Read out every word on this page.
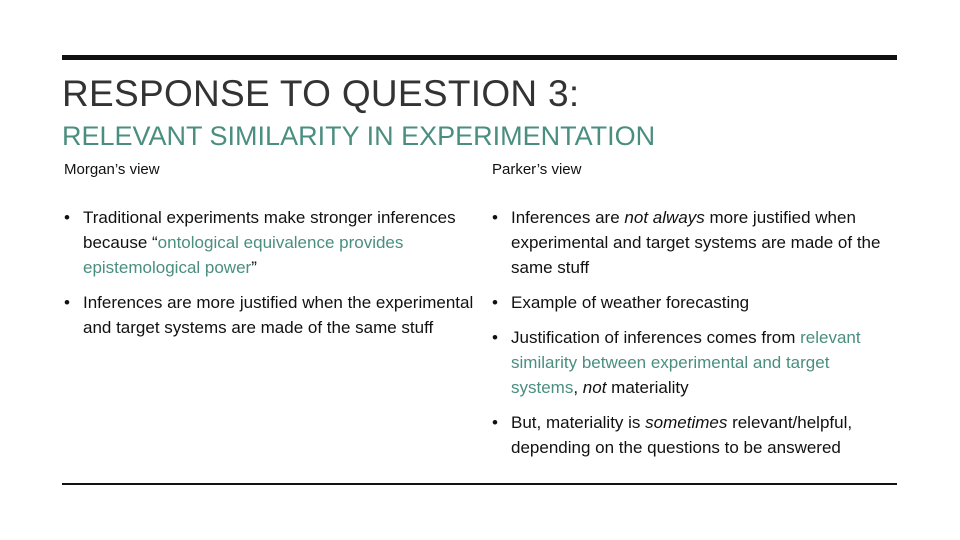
RESPONSE TO QUESTION 3:
RELEVANT SIMILARITY IN EXPERIMENTATION
Morgan’s view
• Traditional experiments make stronger inferences because “ontological equivalence provides epistemological power”
• Inferences are more justified when the experimental and target systems are made of the same stuff
Parker’s view
• Inferences are not always more justified when experimental and target systems are made of the same stuff
• Example of weather forecasting
• Justification of inferences comes from relevant similarity between experimental and target systems, not materiality
• But, materiality is sometimes relevant/helpful, depending on the questions to be answered
